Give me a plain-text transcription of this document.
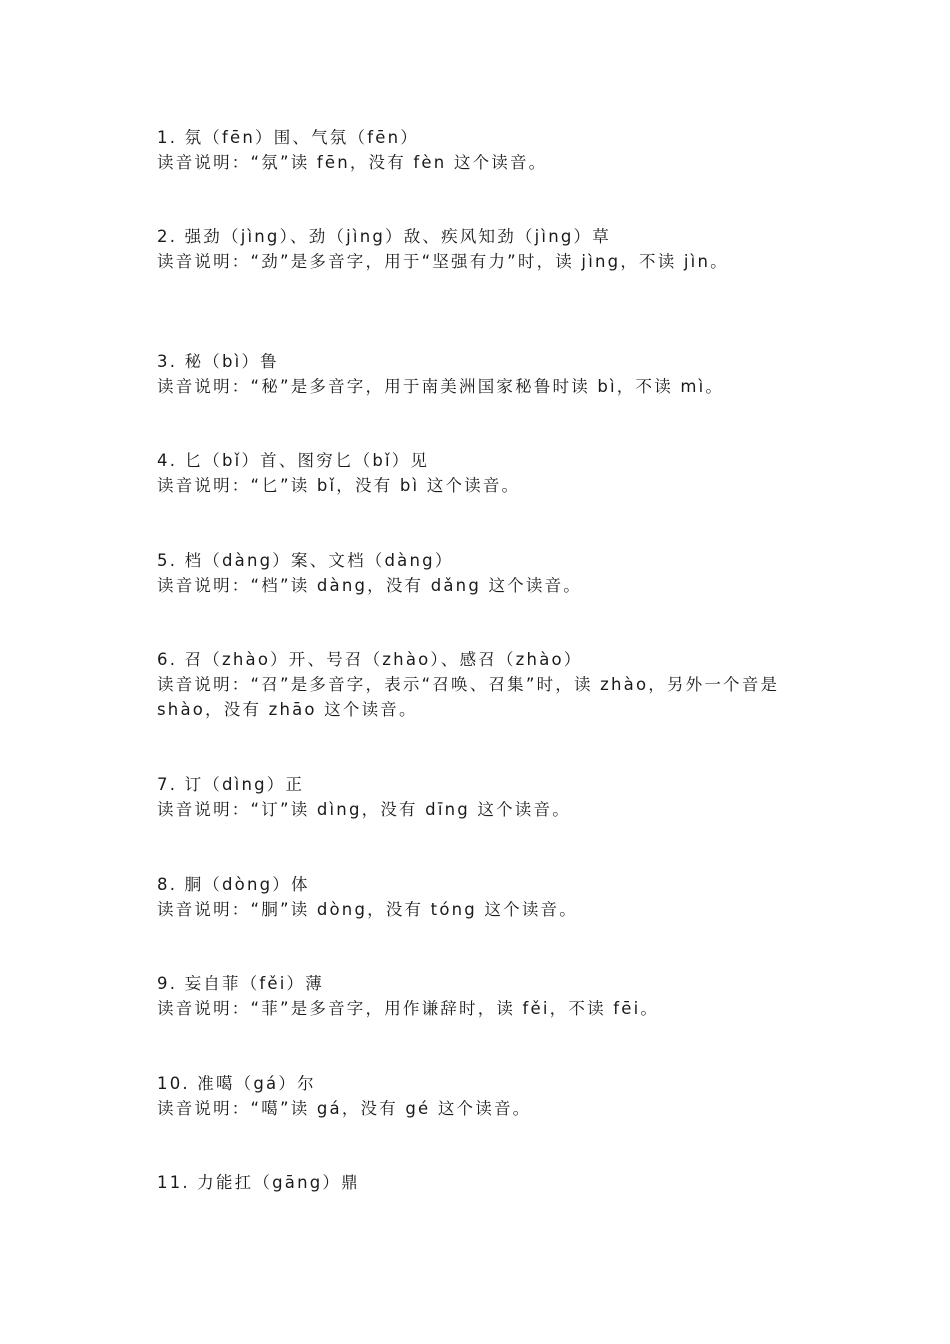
1. 氛（fēn）围、气氛（fēn）
读音说明：“氛”读 fēn，没有 fèn 这个读音。
2. 强劲（jìng）、劲（jìng）敌、疾风知劲（jìng）草
读音说明：“劲”是多音字，用于“坚强有力”时，读 jìng，不读 jìn。
3. 秘（bì）鲁
读音说明：“秘”是多音字，用于南美洲国家秘鲁时读 bì，不读 mì。
4. 匕（bǐ）首、图穷匕（bǐ）见
读音说明：“匕”读 bǐ，没有 bì 这个读音。
5. 档（dàng）案、文档（dàng）
读音说明：“档”读 dàng，没有 dǎng 这个读音。
6. 召（zhào）开、号召（zhào）、感召（zhào）
读音说明：“召”是多音字，表示“召唤、召集”时，读 zhào，另外一个音是 shào，没有 zhāo 这个读音。
7. 订（dìng）正
读音说明：“订”读 dìng，没有 dīng 这个读音。
8. 胴（dòng）体
读音说明：“胴”读 dòng，没有 tóng 这个读音。
9. 妄自菲（fěi）薄
读音说明：“菲”是多音字，用作谦辞时，读 fěi，不读 fēi。
10. 准噶（gá）尔
读音说明：“噶”读 gá，没有 gé 这个读音。
11. 力能扛（gāng）鼎
